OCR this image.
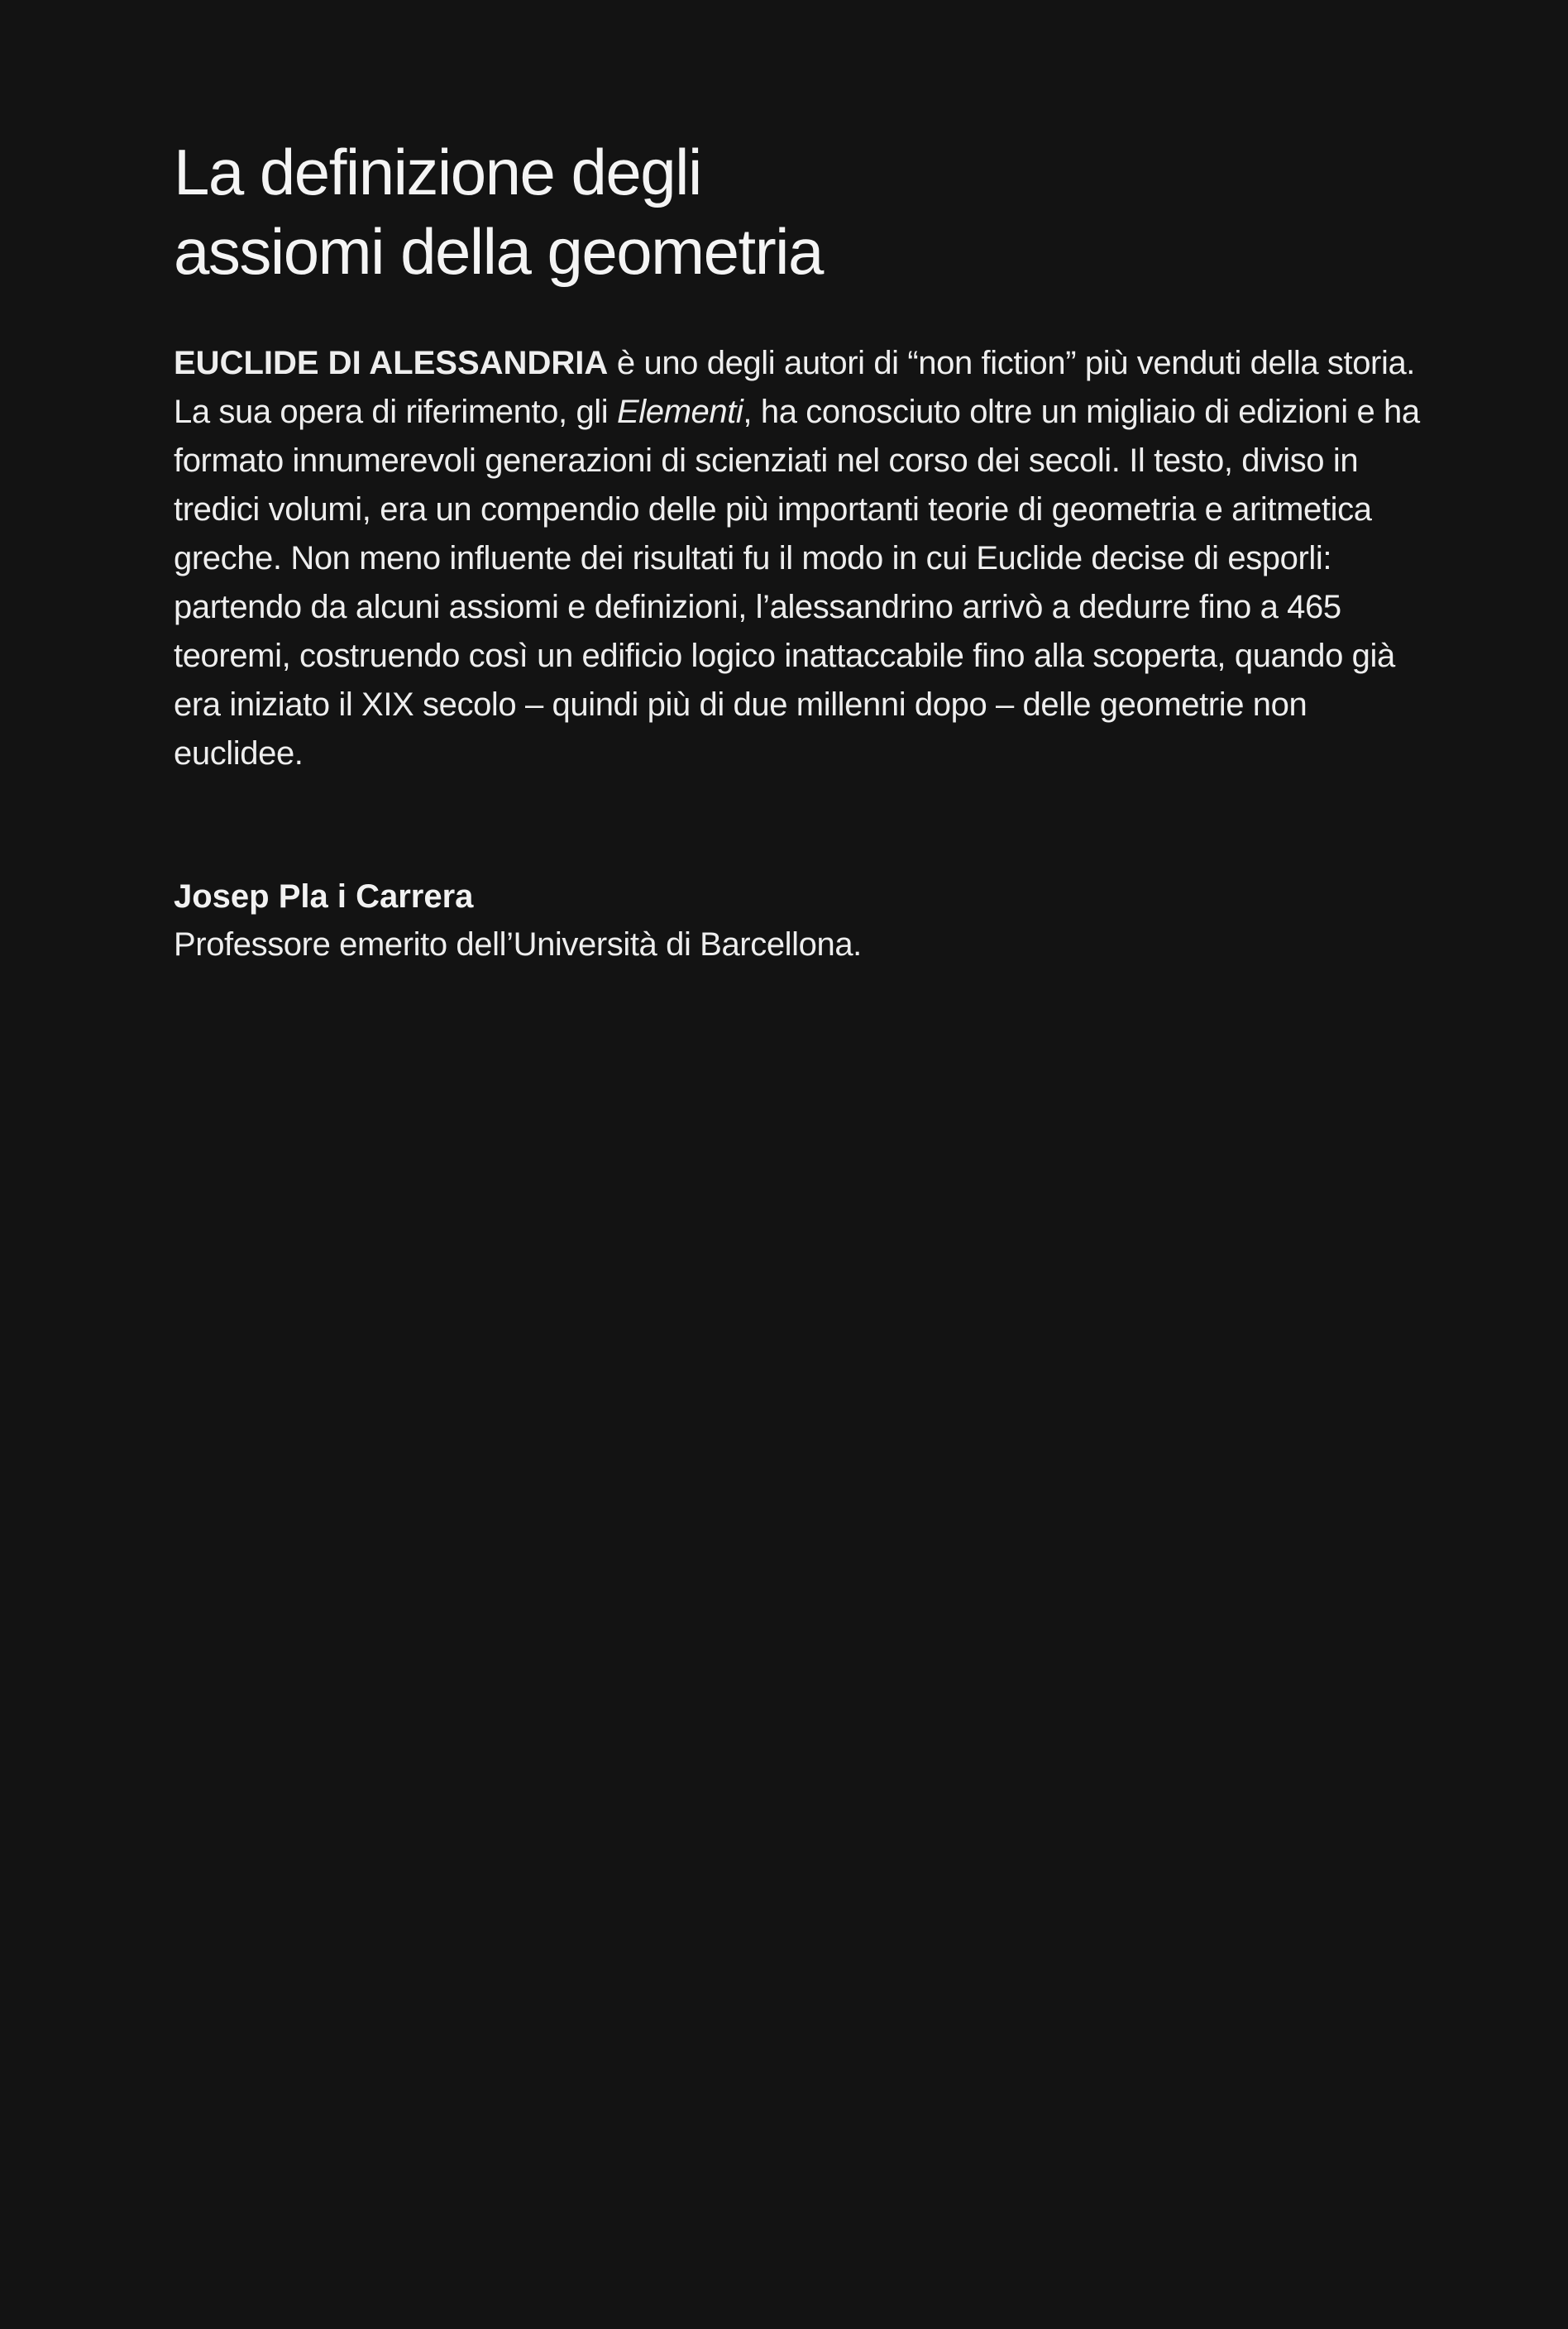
La definizione degli
assiomi della geometria

EUCLIDE DI ALESSANDRIA è uno degli autori di “non fiction” più venduti della storia. La sua opera di riferimento, gli Elementi, ha conosciuto oltre un migliaio di edizioni e ha formato innumerevoli generazioni di scienziati nel corso dei secoli. Il testo, diviso in tredici volumi, era un compendio delle più importanti teorie di geometria e aritmetica greche. Non meno influente dei risultati fu il modo in cui Euclide decise di esporli: partendo da alcuni assiomi e definizioni, l’alessandrino arrivò a dedurre fino a 465 teoremi, costruendo così un edificio logico inattaccabile fino alla scoperta, quando già era iniziato il XIX secolo – quindi più di due millenni dopo – delle geometrie non euclidee.

Josep Pla i Carrera
Professore emerito dell’Università di Barcellona.
